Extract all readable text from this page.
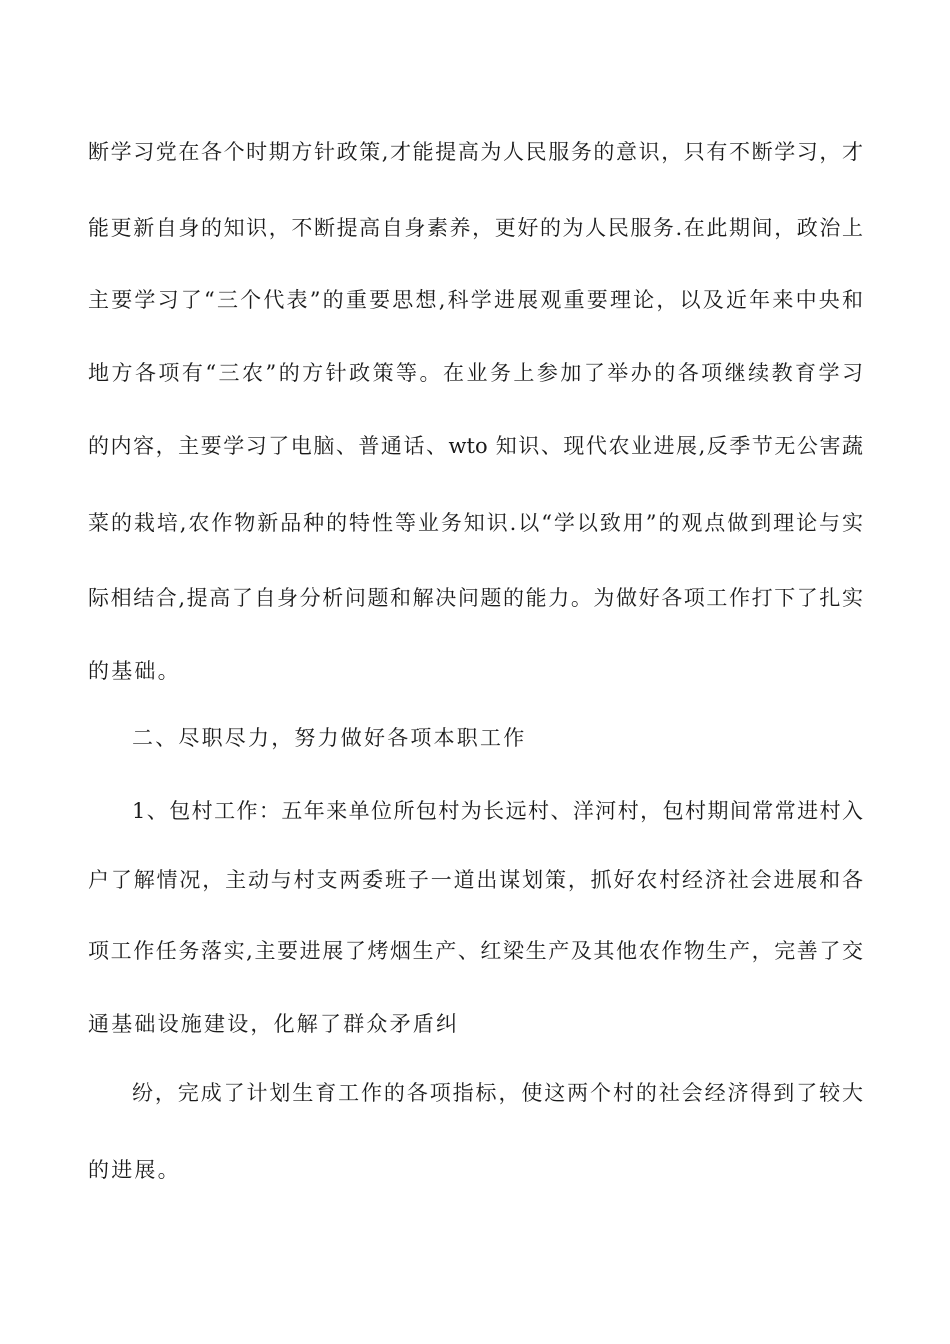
断学习党在各个时期方针政策,才能提高为人民服务的意识，只有不断学习，才
能更新自身的知识，不断提高自身素养，更好的为人民服务.在此期间，政治上
主要学习了“三个代表”的重要思想,科学进展观重要理论，以及近年来中央和
地方各项有“三农”的方针政策等。在业务上参加了举办的各项继续教育学习
的内容，主要学习了电脑、普通话、wto 知识、现代农业进展,反季节无公害蔬
菜的栽培,农作物新品种的特性等业务知识.以“学以致用”的观点做到理论与实
际相结合,提高了自身分析问题和解决问题的能力。为做好各项工作打下了扎实
的基础。
二、尽职尽力，努力做好各项本职工作
1、包村工作：五年来单位所包村为长远村、洋河村，包村期间常常进村入
户了解情况，主动与村支两委班子一道出谋划策，抓好农村经济社会进展和各
项工作任务落实,主要进展了烤烟生产、红梁生产及其他农作物生产，完善了交
通基础设施建设，化解了群众矛盾纠
纷，完成了计划生育工作的各项指标，使这两个村的社会经济得到了较大
的进展。
